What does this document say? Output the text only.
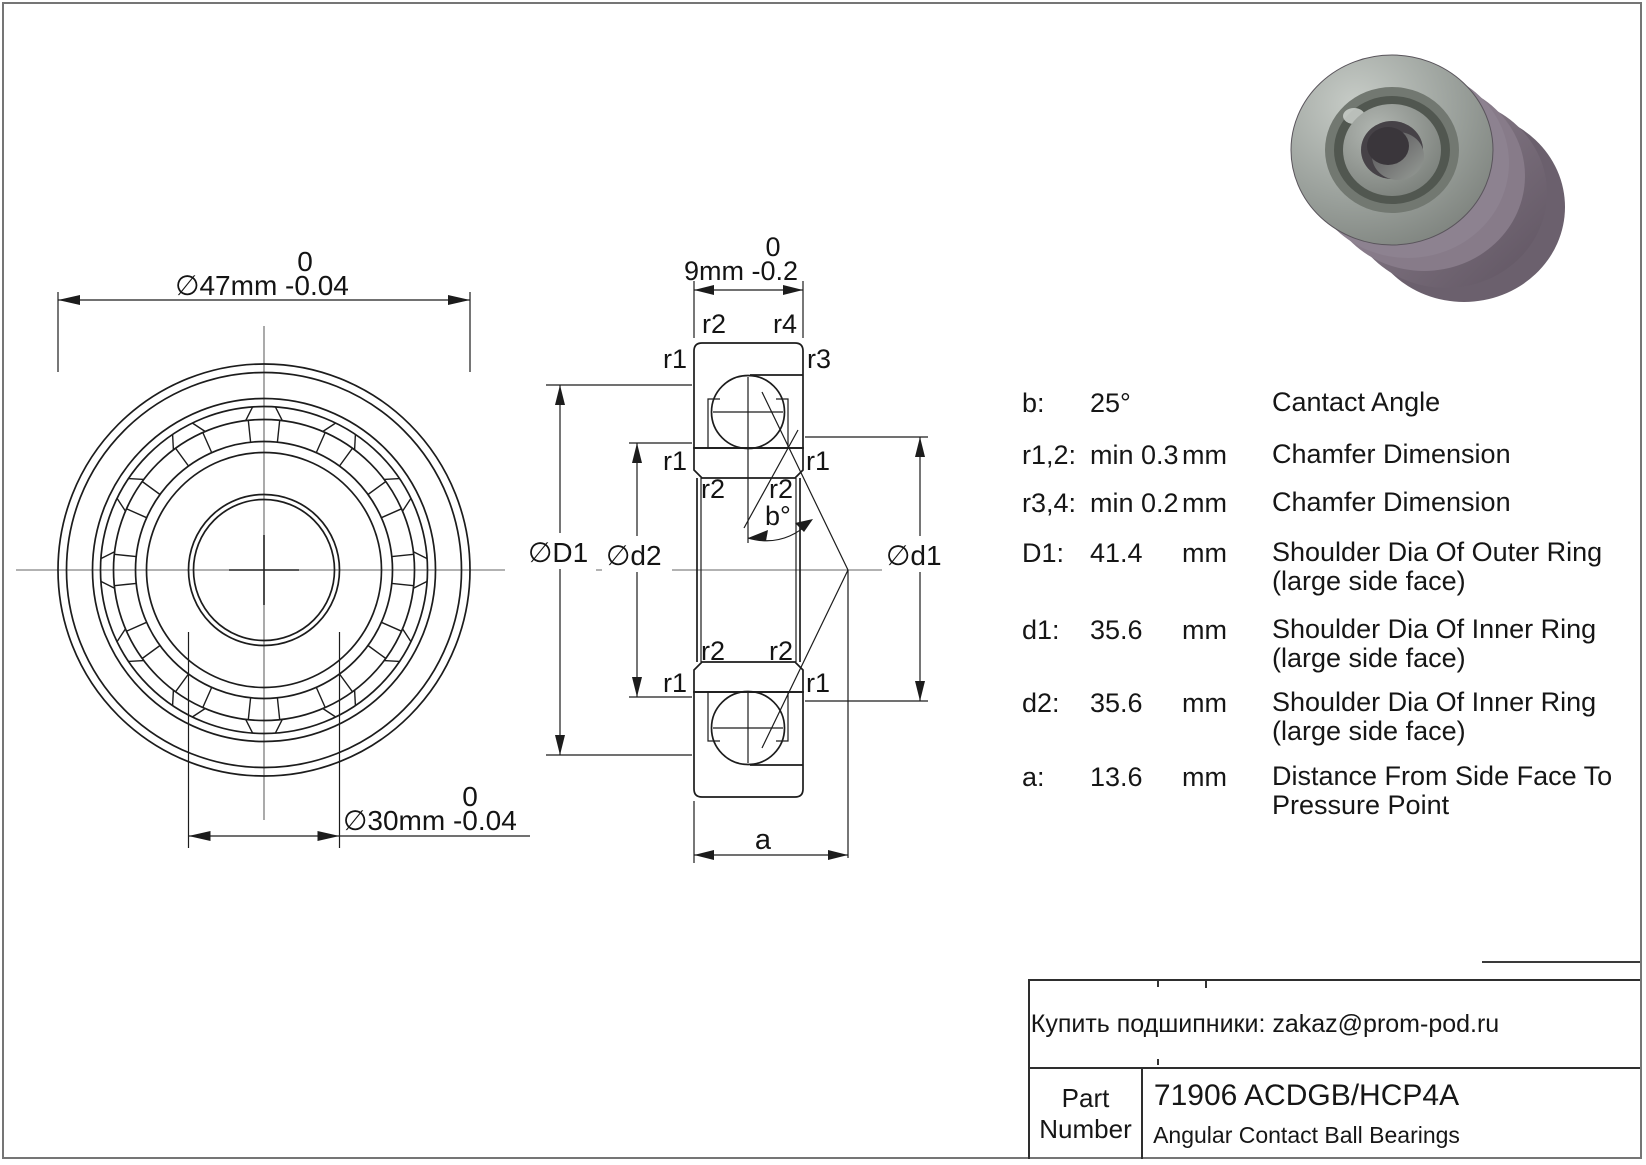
∅47mm -0.04
0
∅30mm -0.04
0
b°
9mm -0.2
0
r2 r4
r1	r3
r1	r1
r2 r2
r2 r2
r1	r1
∅D1 ∅d2	∅d1
a
b: 25°	Cantact Angle
r1,2: min 0.3 mm Chamfer Dimension
r3,4: min 0.2 mm Chamfer Dimension
D1: 41.4 mm Shoulder Dia Of Outer Ring
(large side face)
d1: 35.6 mm Shoulder Dia Of Inner Ring
(large side face)
d2: 35.6 mm Shoulder Dia Of Inner Ring
(large side face)
a: 13.6 mm Distance From Side Face To
Pressure Point
Купить подшипники: zakaz@prom-pod.ru
Part
Number
71906 ACDGB/HCP4A
Angular Contact Ball Bearings
